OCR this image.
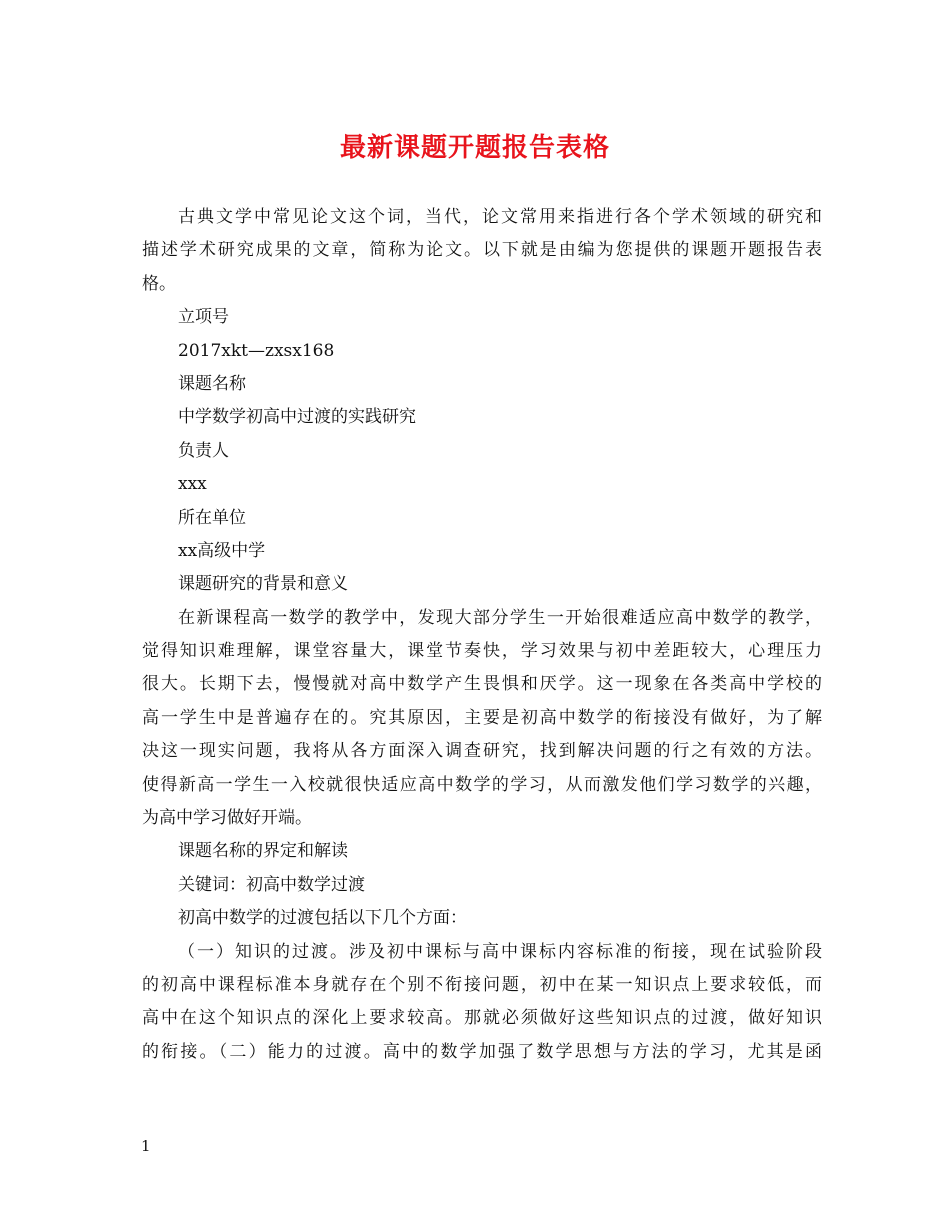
最新课题开题报告表格
古典文学中常见论文这个词，当代，论文常用来指进行各个学术领域的研究和
描述学术研究成果的文章，简称为论文。以下就是由编为您提供的课题开题报告表
格。
立项号
2017xkt—zxsx168
课题名称
中学数学初高中过渡的实践研究
负责人
xxx
所在单位
xx高级中学
课题研究的背景和意义
在新课程高一数学的教学中，发现大部分学生一开始很难适应高中数学的教学，
觉得知识难理解，课堂容量大，课堂节奏快，学习效果与初中差距较大，心理压力
很大。长期下去，慢慢就对高中数学产生畏惧和厌学。这一现象在各类高中学校的
高一学生中是普遍存在的。究其原因，主要是初高中数学的衔接没有做好，为了解
决这一现实问题，我将从各方面深入调查研究，找到解决问题的行之有效的方法。
使得新高一学生一入校就很快适应高中数学的学习，从而激发他们学习数学的兴趣，
为高中学习做好开端。
课题名称的界定和解读
关键词：初高中数学过渡
初高中数学的过渡包括以下几个方面：
（一）知识的过渡。涉及初中课标与高中课标内容标准的衔接，现在试验阶段
的初高中课程标准本身就存在个别不衔接问题，初中在某一知识点上要求较低，而
高中在这个知识点的深化上要求较高。那就必须做好这些知识点的过渡，做好知识
的衔接。（二）能力的过渡。高中的数学加强了数学思想与方法的学习，尤其是函
1
